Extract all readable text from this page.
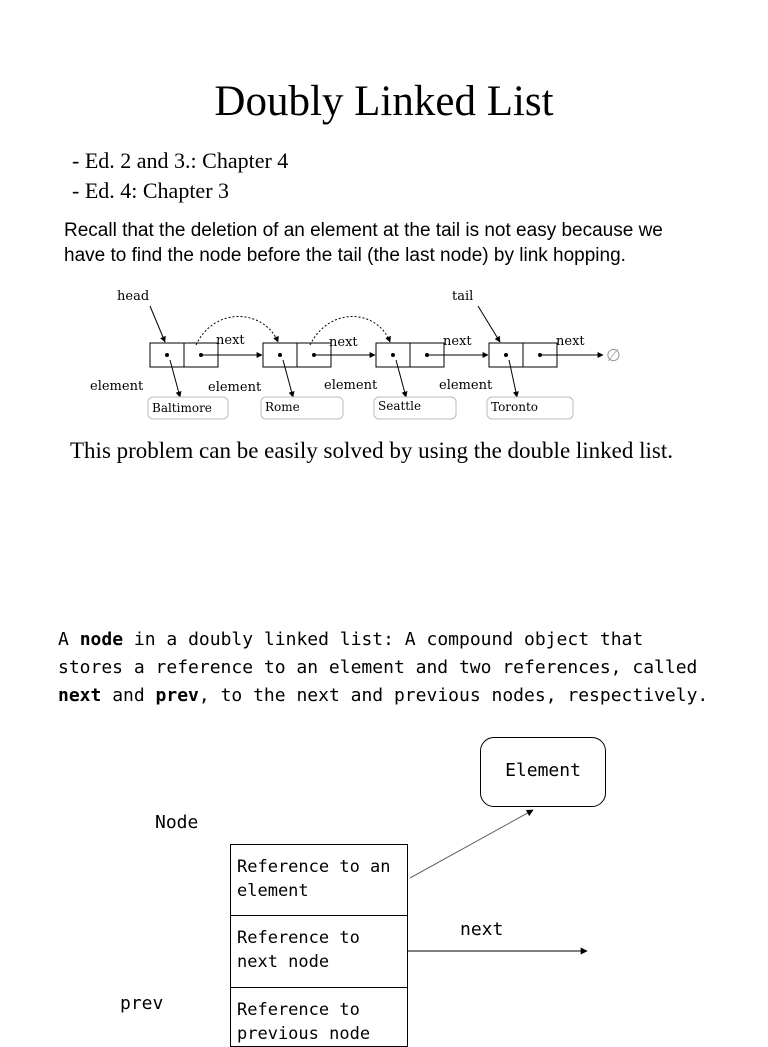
Doubly Linked List
- Ed. 2 and 3.: Chapter 4
- Ed. 4: Chapter 3
Recall that the deletion of an element at the tail is not easy because we
have to find the node before the tail (the last node) by link hopping.
head	tail
next	next	next	next
∅
element	element	element	element
Baltimore	Rome	Seattle	Toronto
This problem can be easily solved by using the double linked list.
A node in a doubly linked list: A compound object that
stores a reference to an element and two references, called
next and prev, to the next and previous nodes, respectively.
Element
Node
Reference to an element
Reference to next node
Reference to previous node
next
prev
